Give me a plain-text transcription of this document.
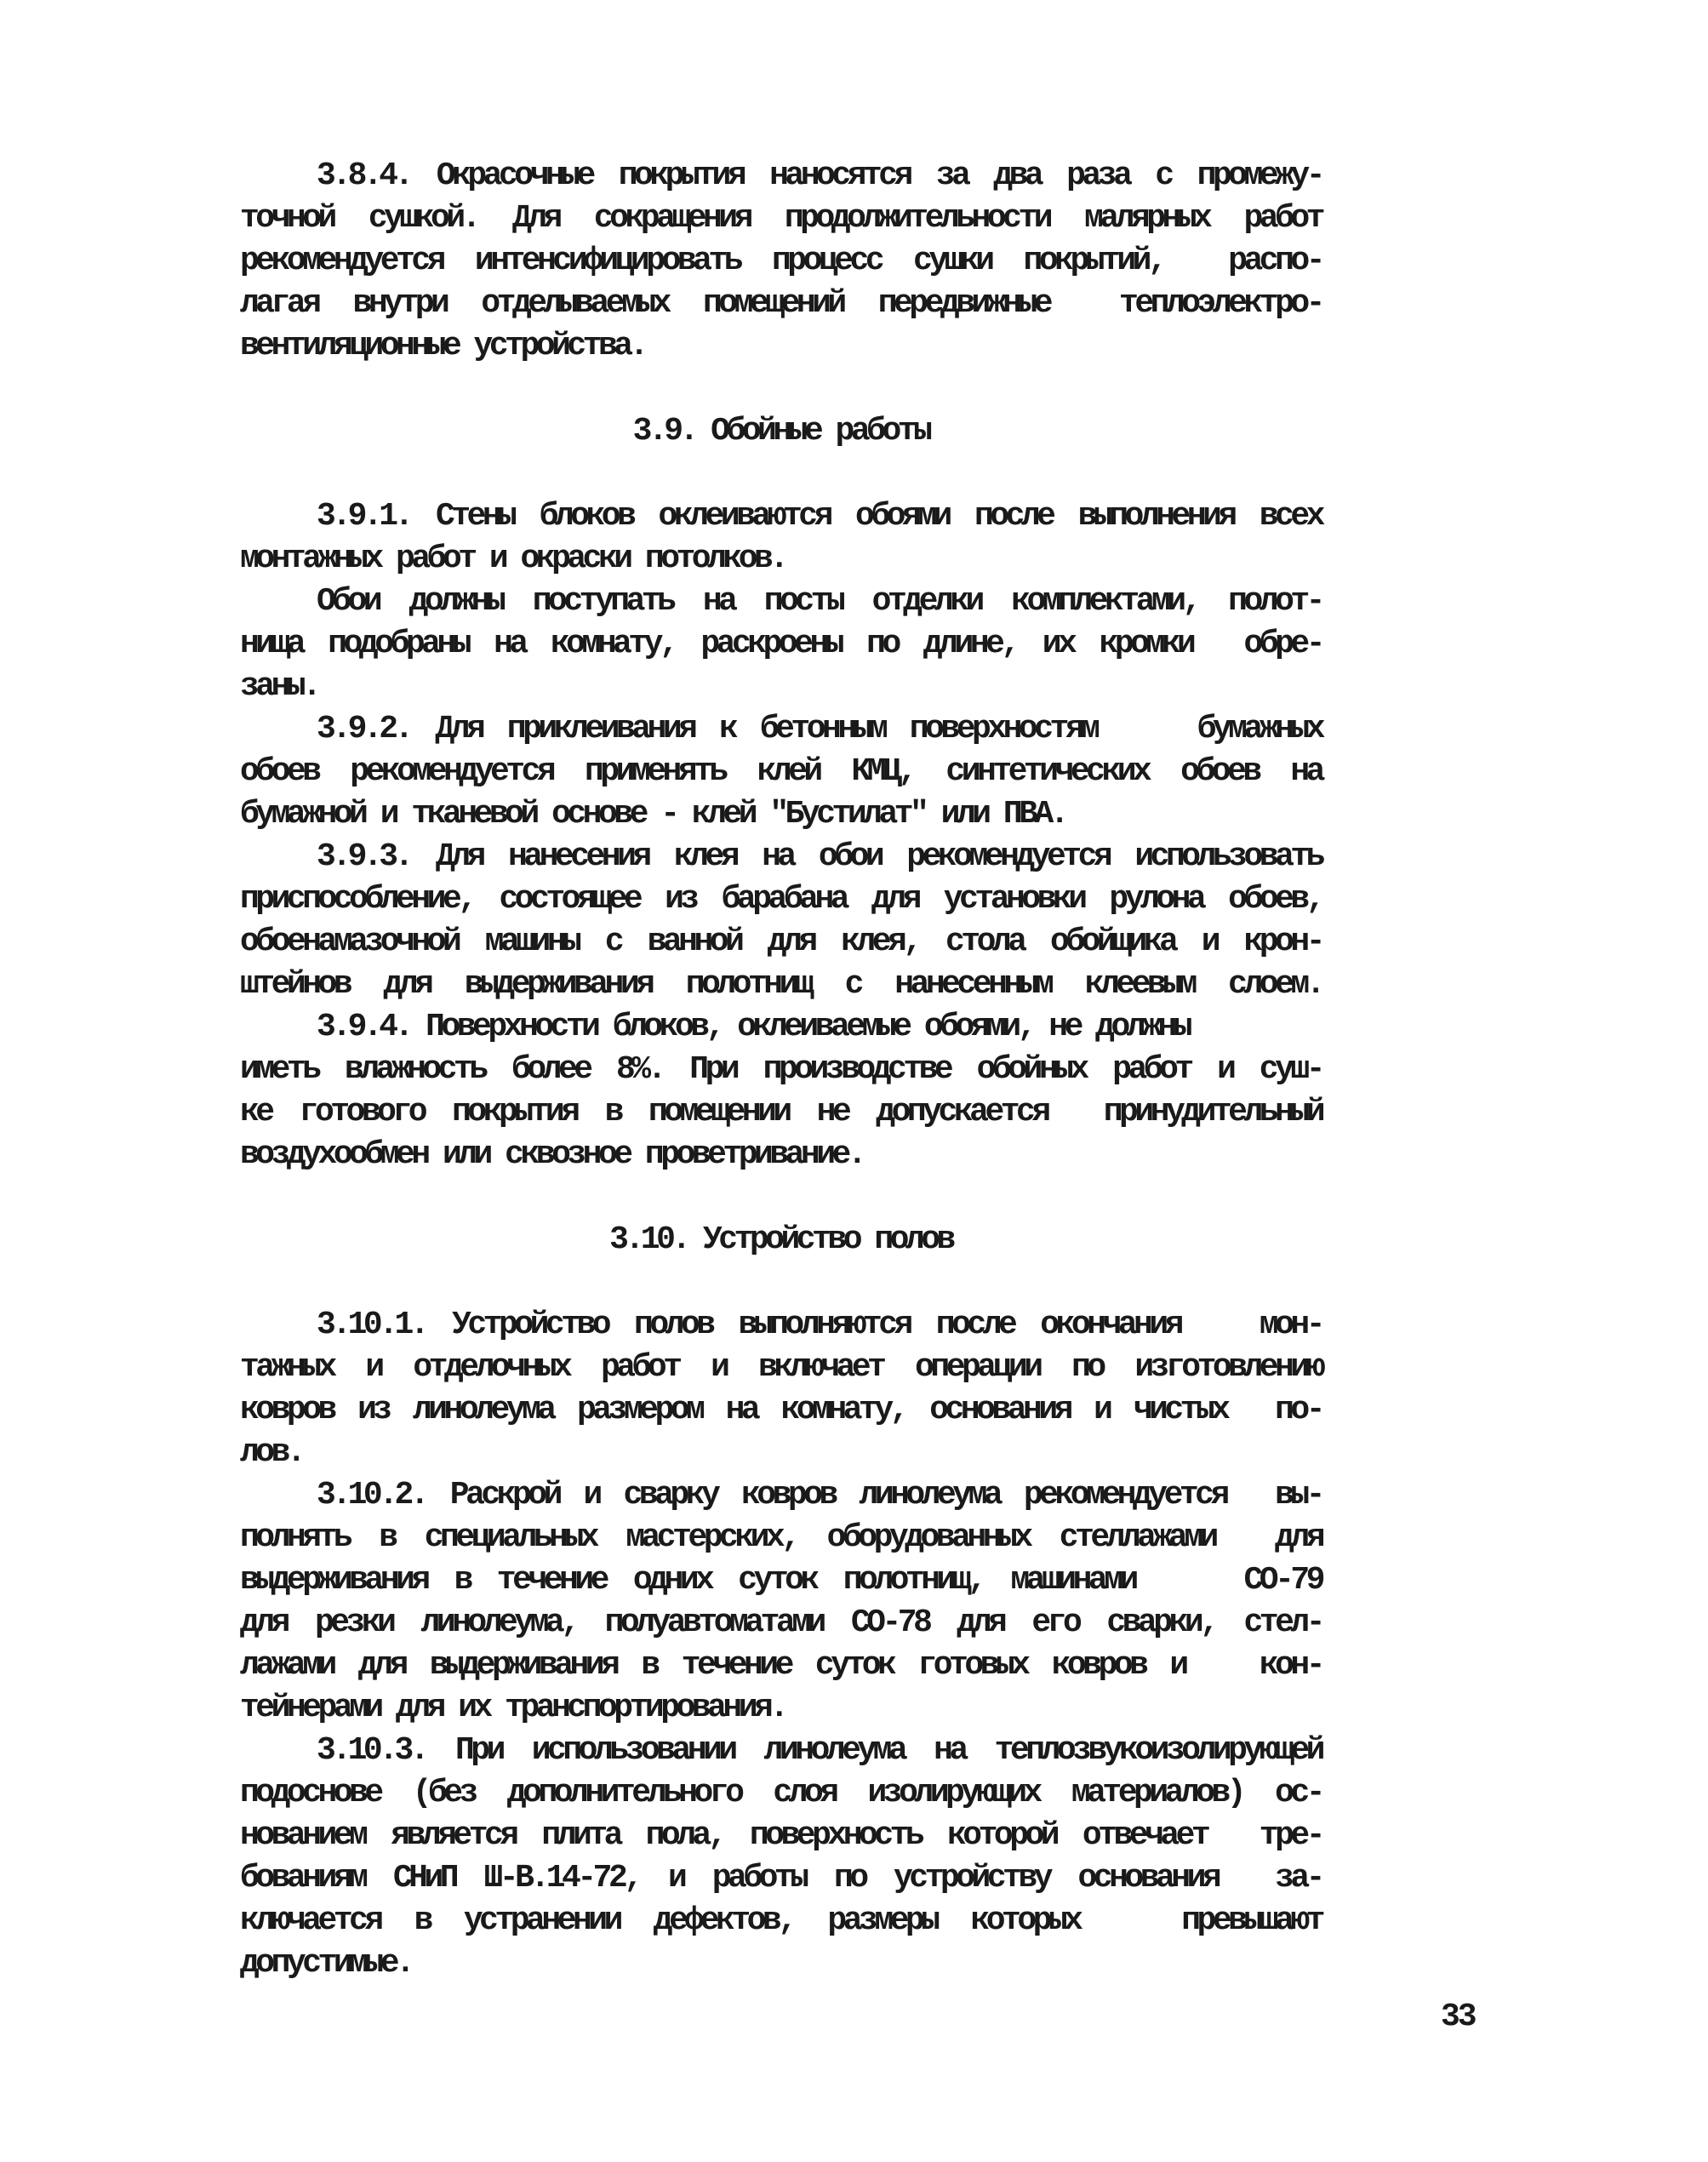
3.8.4. Окрасочные покрытия наносятся за два раза с промежу-
точной сушкой. Для сокращения продолжительности малярных работ
рекомендуется интенсифицировать процесс сушки покрытий,  распо-
лагая внутри отделываемых помещений передвижные  теплоэлектро-
вентиляционные устройства.
3.9. Обойные работы
3.9.1. Стены блоков оклеиваются обоями после выполнения всех
монтажных работ и окраски потолков.
Обои должны поступать на посты отделки комплектами, полот-
нища подобраны на комнату, раскроены по длине, их кромки  обре-
заны.
3.9.2. Для приклеивания к бетонным поверхностям    бумажных
обоев рекомендуется применять клей КМЦ, синтетических обоев на
бумажной и тканевой основе - клей ″Бустилат″ или ПВА.
3.9.3. Для нанесения клея на обои рекомендуется использовать
приспособление, состоящее из барабана для установки рулона обоев,
обоенамазочной машины с ванной для клея, стола обойщика и крон-
штейнов для выдерживания полотнищ с нанесенным клеевым слоем.
3.9.4. Поверхности блоков, оклеиваемые обоями, не должны
иметь влажность более 8%. При производстве обойных работ и суш-
ке готового покрытия в помещении не допускается  принудительный
воздухообмен или сквозное проветривание.
3.10. Устройство полов
3.10.1. Устройство полов выполняются после окончания   мон-
тажных и отделочных работ и включает операции по изготовлению
ковров из линолеума размером на комнату, основания и чистых  по-
лов.
3.10.2. Раскрой и сварку ковров линолеума рекомендуется  вы-
полнять в специальных мастерских, оборудованных стеллажами  для
выдерживания в течение одних суток полотнищ, машинами    СО-79
для резки линолеума, полуавтоматами СО-78 для его сварки, стел-
лажами для выдерживания в течение суток готовых ковров и   кон-
тейнерами для их транспортирования.
3.10.3. При использовании линолеума на теплозвукоизолирующей
подоснове (без дополнительного слоя изолирующих материалов) ос-
нованием является плита пола, поверхность которой отвечает  тре-
бованиям СНиП Ш-В.14-72, и работы по устройству основания  за-
ключается в устранении дефектов, размеры которых   превышают
допустимые.
33
